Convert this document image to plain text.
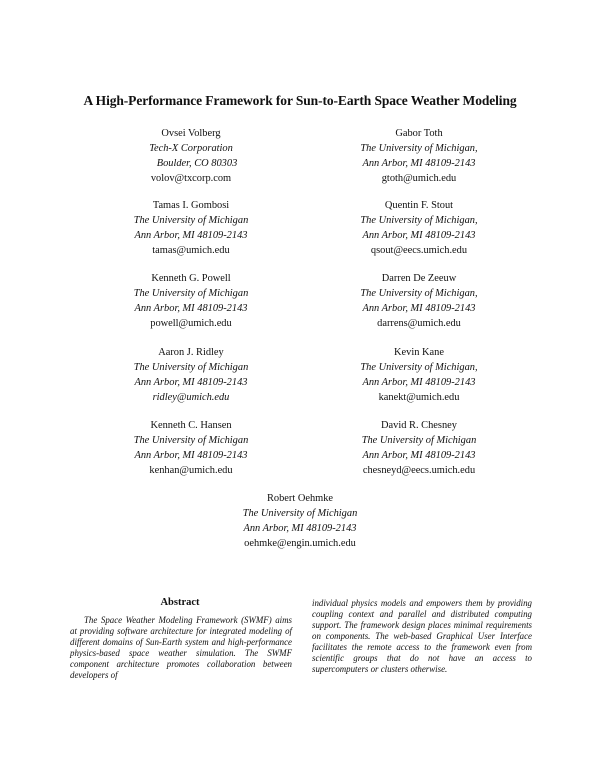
A High-Performance Framework for Sun-to-Earth Space Weather Modeling
Ovsei Volberg
Tech-X Corporation
Boulder, CO 80303
volov@txcorp.com
Gabor Toth
The University of Michigan,
Ann Arbor, MI 48109-2143
gtoth@umich.edu
Tamas I. Gombosi
The University of Michigan
Ann Arbor, MI 48109-2143
tamas@umich.edu
Quentin F. Stout
The University of Michigan,
Ann Arbor, MI 48109-2143
qsout@eecs.umich.edu
Kenneth G. Powell
The University of Michigan
Ann Arbor, MI 48109-2143
powell@umich.edu
Darren De Zeeuw
The University of Michigan,
Ann Arbor, MI 48109-2143
darrens@umich.edu
Aaron J. Ridley
The University of Michigan
Ann Arbor, MI 48109-2143
ridley@umich.edu
Kevin Kane
The University of Michigan,
Ann Arbor, MI 48109-2143
kanekt@umich.edu
Kenneth C. Hansen
The University of Michigan
Ann Arbor, MI 48109-2143
kenhan@umich.edu
David R. Chesney
The University of Michigan
Ann Arbor, MI 48109-2143
chesneyd@eecs.umich.edu
Robert Oehmke
The University of Michigan
Ann Arbor, MI 48109-2143
oehmke@engin.umich.edu
Abstract
The Space Weather Modeling Framework (SWMF) aims at providing software architecture for integrated modeling of different domains of Sun-Earth system and high-performance physics-based space weather simulation. The SWMF component architecture promotes collaboration between developers of
individual physics models and empowers them by providing coupling context and parallel and distributed computing support. The framework design places minimal requirements on components. The web-based Graphical User Interface facilitates the remote access to the framework even from scientific groups that do not have an access to supercomputers or clusters otherwise.
